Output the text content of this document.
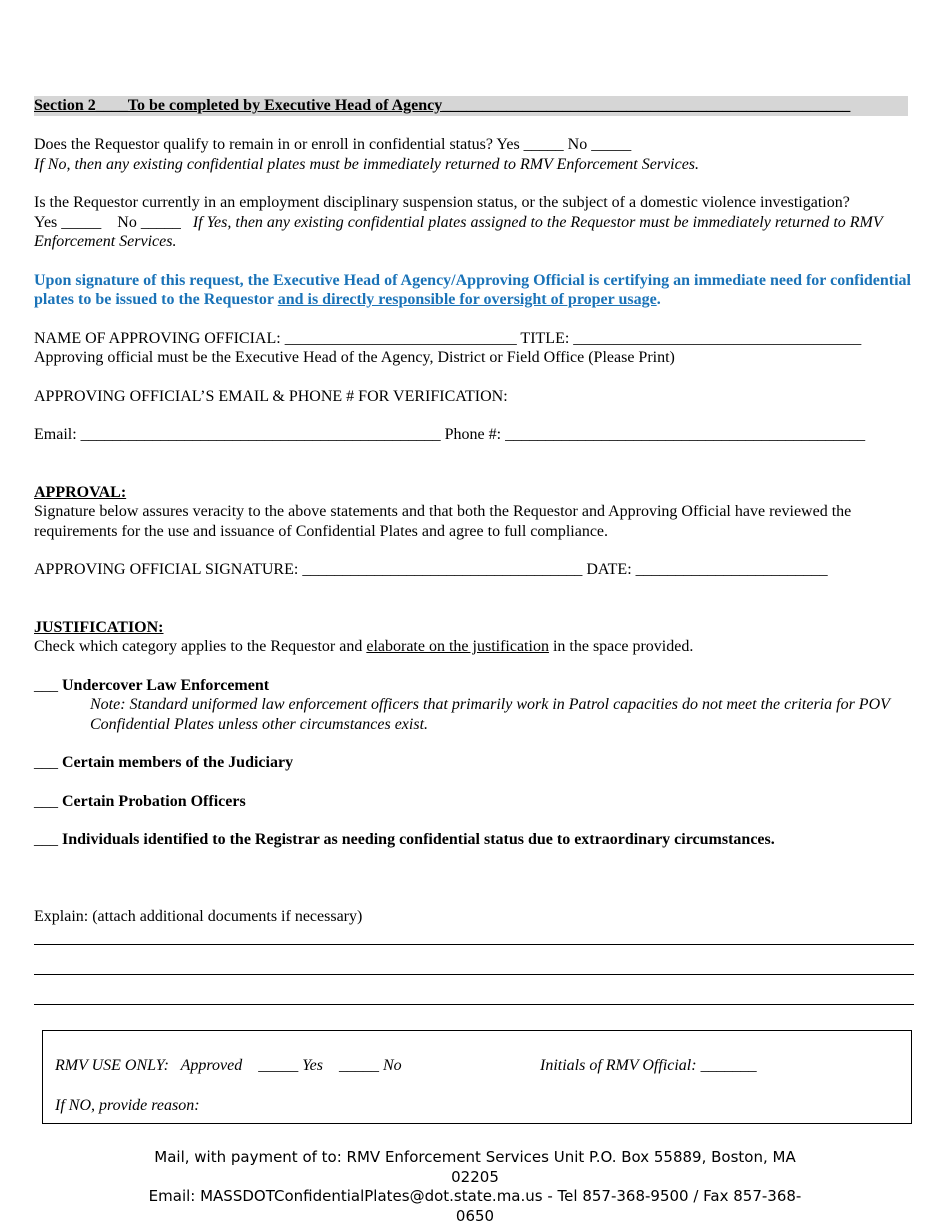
Section 2____To be completed by Executive Head of Agency___________________________________________________
Does the Requestor qualify to remain in or enroll in confidential status? Yes _____ No _____
If No, then any existing confidential plates must be immediately returned to RMV Enforcement Services.
Is the Requestor currently in an employment disciplinary suspension status, or the subject of a domestic violence investigation?
Yes _____    No _____   If Yes, then any existing confidential plates assigned to the Requestor must be immediately returned to RMV Enforcement Services.
Upon signature of this request, the Executive Head of Agency/Approving Official is certifying an immediate need for confidential plates to be issued to the Requestor and is directly responsible for oversight of proper usage.
NAME OF APPROVING OFFICIAL: _____________________________ TITLE: ____________________________________
Approving official must be the Executive Head of the Agency, District or Field Office (Please Print)
APPROVING OFFICIAL’S EMAIL & PHONE # FOR VERIFICATION:
Email: _____________________________________________ Phone #: _____________________________________________
APPROVAL:
Signature below assures veracity to the above statements and that both the Requestor and Approving Official have reviewed the requirements for the use and issuance of Confidential Plates and agree to full compliance.
APPROVING OFFICIAL SIGNATURE: ___________________________________ DATE: ________________________
JUSTIFICATION:
Check which category applies to the Requestor and elaborate on the justification in the space provided.
___ Undercover Law Enforcement
Note: Standard uniformed law enforcement officers that primarily work in Patrol capacities do not meet the criteria for POV Confidential Plates unless other circumstances exist.
___ Certain members of the Judiciary
___ Certain Probation Officers
___ Individuals identified to the Registrar as needing confidential status due to extraordinary circumstances.
Explain: (attach additional documents if necessary)
RMV USE ONLY:   Approved    _____ Yes    _____ No	Initials of RMV Official: _______
If NO, provide reason:
Mail, with payment of to: RMV Enforcement Services Unit P.O. Box 55889, Boston, MA 02205
Email: MASSDOTConfidentialPlates@dot.state.ma.us - Tel 857-368-9500 / Fax 857-368-0650
